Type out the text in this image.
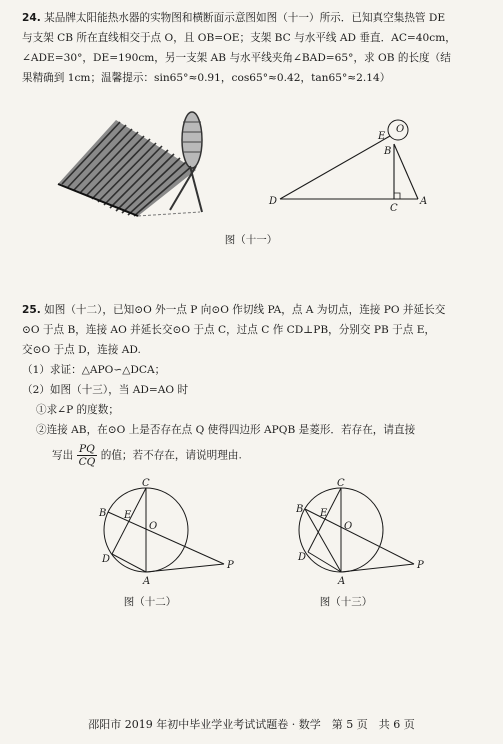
24. 某品牌太阳能热水器的实物图和横断面示意图如图（十一）所示．已知真空集热管 DE

与支架 CB 所在直线相交于点 O，且 OB=OE；支架 BC 与水平线 AD 垂直．AC=40cm，

∠ADE=30°，DE=190cm，另一支架 AB 与水平线夹角∠BAD=65°，求 OB 的长度（结

果精确到 1cm；温馨提示：sin65°≈0.91，cos65°≈0.42，tan65°≈2.14）

E
O
B
D
C
A
图（十一）

25. 如图（十二），已知⊙O 外一点 P 向⊙O 作切线 PA，点 A 为切点，连接 PO 并延长交

⊙O 于点 B，连接 AO 并延长交⊙O 于点 C，过点 C 作 CD⊥PB，分别交 PB 于点 E，

交⊙O 于点 D，连接 AD.

（1）求证：△APO∽△DCA；

（2）如图（十三），当 AD=AO 时

①求∠P 的度数；

②连接 AB，在⊙O 上是否存在点 Q 使得四边形 APQB 是菱形．若存在，请直接

写出 $\frac{PQ}{CQ}$ 的值；若不存在，请说明理由.

C
B E
O
D
A
P
图（十二）
C
B E
O
D
A
P
图（十三）
邵阳市 2019 年初中毕业学业考试试题卷 · 数学　第 5 页　共 6 页
